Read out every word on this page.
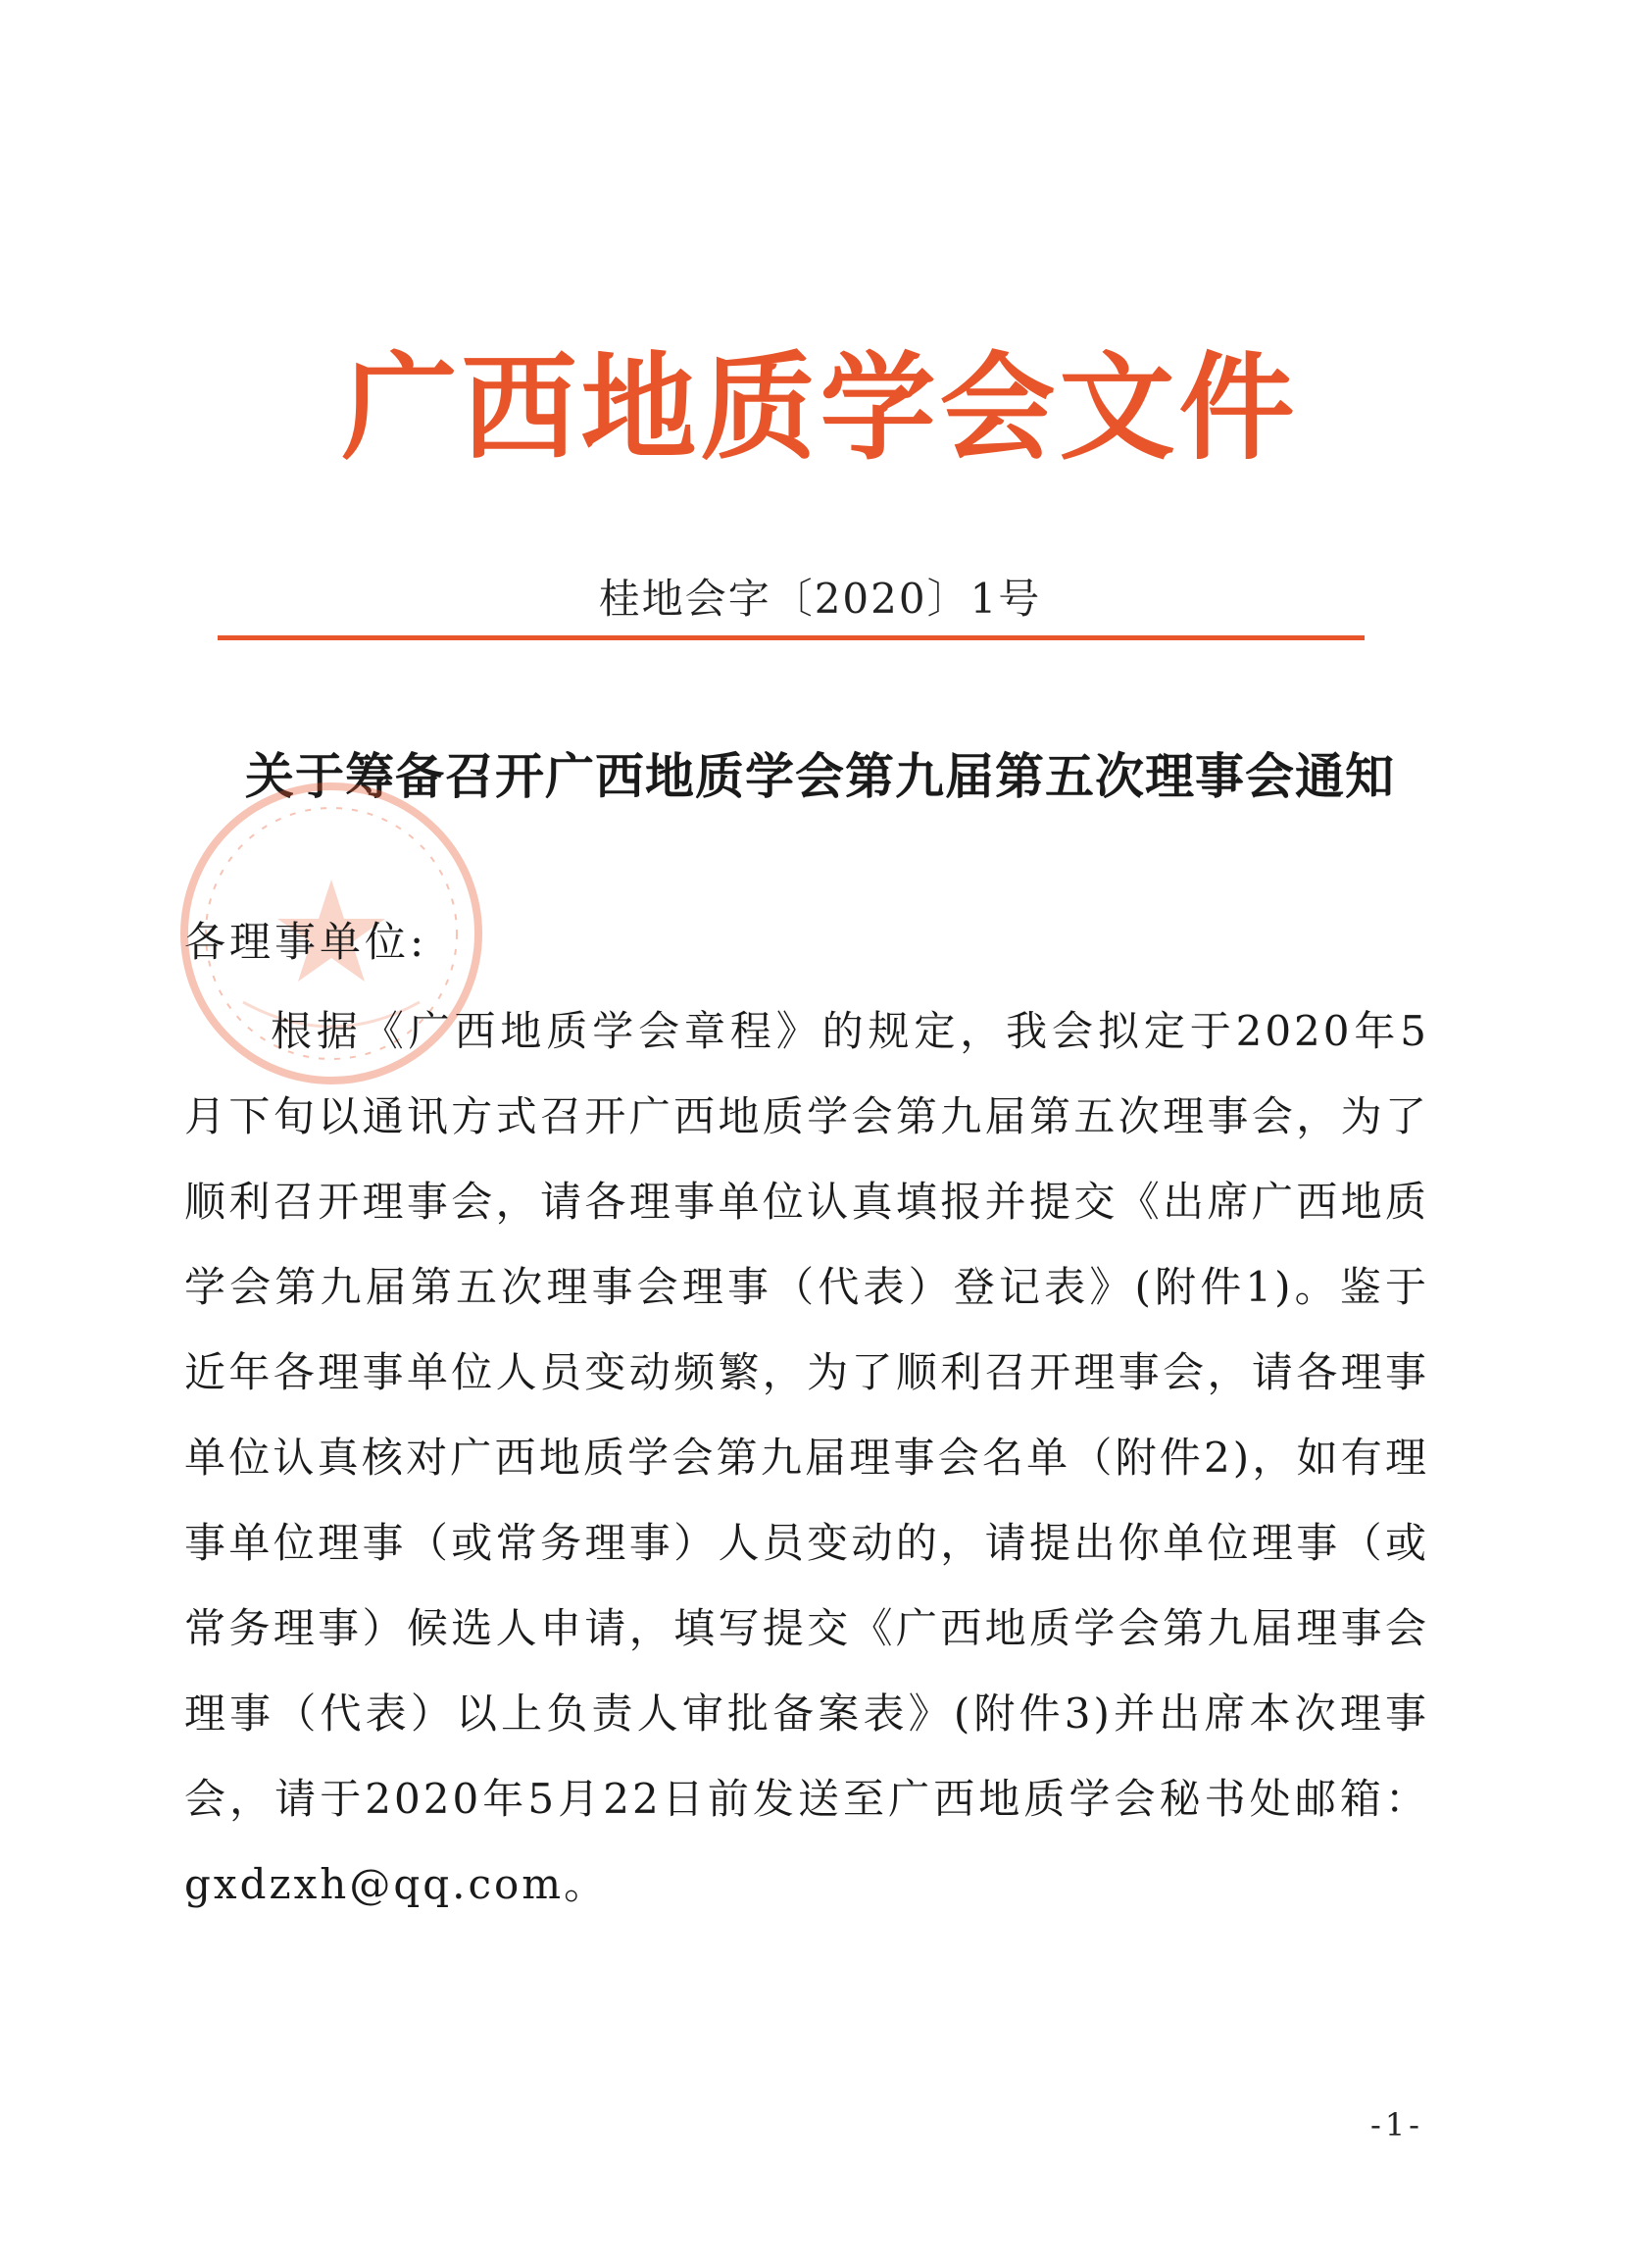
广西地质学会文件
桂地会字〔2020〕1号
关于筹备召开广西地质学会第九届第五次理事会通知
各理事单位:
根据《广西地质学会章程》的规定，我会拟定于2020年5月下旬以通讯方式召开广西地质学会第九届第五次理事会，为了顺利召开理事会，请各理事单位认真填报并提交《出席广西地质学会第九届第五次理事会理事（代表）登记表》(附件1)。鉴于近年各理事单位人员变动频繁，为了顺利召开理事会，请各理事单位认真核对广西地质学会第九届理事会名单（附件2)，如有理事单位理事（或常务理事）人员变动的，请提出你单位理事（或常务理事）候选人申请，填写提交《广西地质学会第九届理事会理事（代表）以上负责人审批备案表》(附件3)并出席本次理事会，请于2020年5月22日前发送至广西地质学会秘书处邮箱：gxdzxh@qq.com。
-1-
